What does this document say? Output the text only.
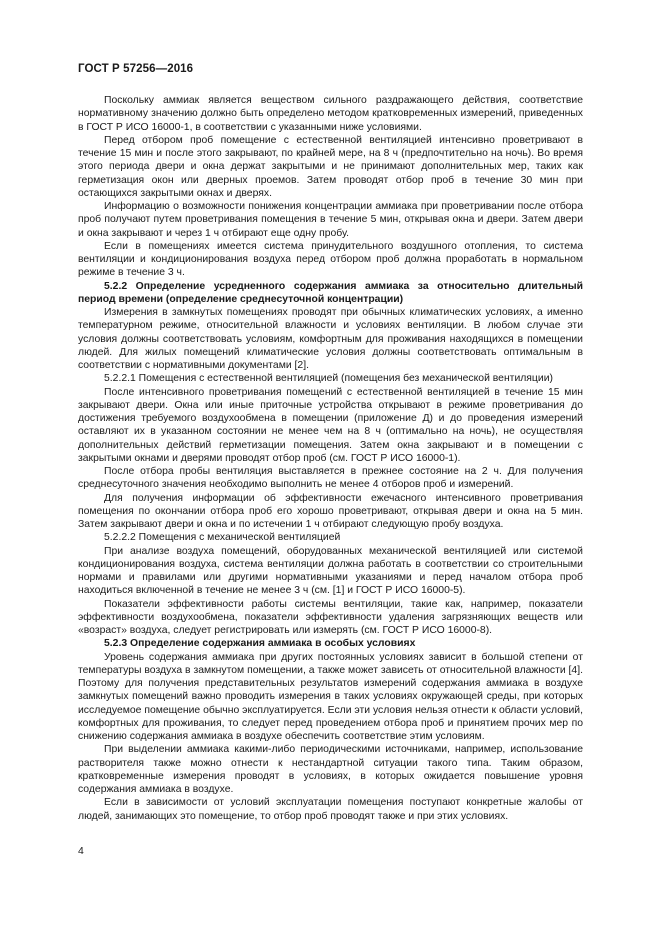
ГОСТ Р 57256—2016

Поскольку аммиак является веществом сильного раздражающего действия, соответствие нормативному значению должно быть определено методом кратковременных измерений, приведенных в ГОСТ Р ИСО 16000-1, в соответствии с указанными ниже условиями.

Перед отбором проб помещение с естественной вентиляцией интенсивно проветривают в течение 15 мин и после этого закрывают, по крайней мере, на 8 ч (предпочтительно на ночь). Во время этого периода двери и окна держат закрытыми и не принимают дополнительных мер, таких как герметизация окон или дверных проемов. Затем проводят отбор проб в течение 30 мин при остающихся закрытыми окнах и дверях.

Информацию о возможности понижения концентрации аммиака при проветривании после отбора проб получают путем проветривания помещения в течение 5 мин, открывая окна и двери. Затем двери и окна закрывают и через 1 ч отбирают еще одну пробу.

Если в помещениях имеется система принудительного воздушного отопления, то система вентиляции и кондиционирования воздуха перед отбором проб должна проработать в нормальном режиме в течение 3 ч.

5.2.2 Определение усредненного содержания аммиака за относительно длительный период времени (определение среднесуточной концентрации)

Измерения в замкнутых помещениях проводят при обычных климатических условиях, а именно температурном режиме, относительной влажности и условиях вентиляции. В любом случае эти условия должны соответствовать условиям, комфортным для проживания находящихся в помещении людей. Для жилых помещений климатические условия должны соответствовать оптимальным в соответствии с нормативными документами [2].

5.2.2.1 Помещения с естественной вентиляцией (помещения без механической вентиляции)

После интенсивного проветривания помещений с естественной вентиляцией в течение 15 мин закрывают двери. Окна или иные приточные устройства открывают в режиме проветривания до достижения требуемого воздухообмена в помещении (приложение Д) и до проведения измерений оставляют их в указанном состоянии не менее чем на 8 ч (оптимально на ночь), не осуществляя дополнительных действий герметизации помещения. Затем окна закрывают и в помещении с закрытыми окнами и дверями проводят отбор проб (см. ГОСТ Р ИСО 16000-1).

После отбора пробы вентиляция выставляется в прежнее состояние на 2 ч. Для получения среднесуточного значения необходимо выполнить не менее 4 отборов проб и измерений.

Для получения информации об эффективности ежечасного интенсивного проветривания помещения по окончании отбора проб его хорошо проветривают, открывая двери и окна на 5 мин. Затем закрывают двери и окна и по истечении 1 ч отбирают следующую пробу воздуха.

5.2.2.2 Помещения с механической вентиляцией

При анализе воздуха помещений, оборудованных механической вентиляцией или системой кондиционирования воздуха, система вентиляции должна работать в соответствии со строительными нормами и правилами или другими нормативными указаниями и перед началом отбора проб находиться включенной в течение не менее 3 ч (см. [1] и ГОСТ Р ИСО 16000-5).

Показатели эффективности работы системы вентиляции, такие как, например, показатели эффективности воздухообмена, показатели эффективности удаления загрязняющих веществ или «возраст» воздуха, следует регистрировать или измерять (см. ГОСТ Р ИСО 16000-8).

5.2.3 Определение содержания аммиака в особых условиях

Уровень содержания аммиака при других постоянных условиях зависит в большой степени от температуры воздуха в замкнутом помещении, а также может зависеть от относительной влажности [4]. Поэтому для получения представительных результатов измерений содержания аммиака в воздухе замкнутых помещений важно проводить измерения в таких условиях окружающей среды, при которых исследуемое помещение обычно эксплуатируется. Если эти условия нельзя отнести к области условий, комфортных для проживания, то следует перед проведением отбора проб и принятием прочих мер по снижению содержания аммиака в воздухе обеспечить соответствие этим условиям.

При выделении аммиака какими-либо периодическими источниками, например, использование растворителя также можно отнести к нестандартной ситуации такого типа. Таким образом, кратковременные измерения проводят в условиях, в которых ожидается повышение уровня содержания аммиака в воздухе.

Если в зависимости от условий эксплуатации помещения поступают конкретные жалобы от людей, занимающих это помещение, то отбор проб проводят также и при этих условиях.

4
